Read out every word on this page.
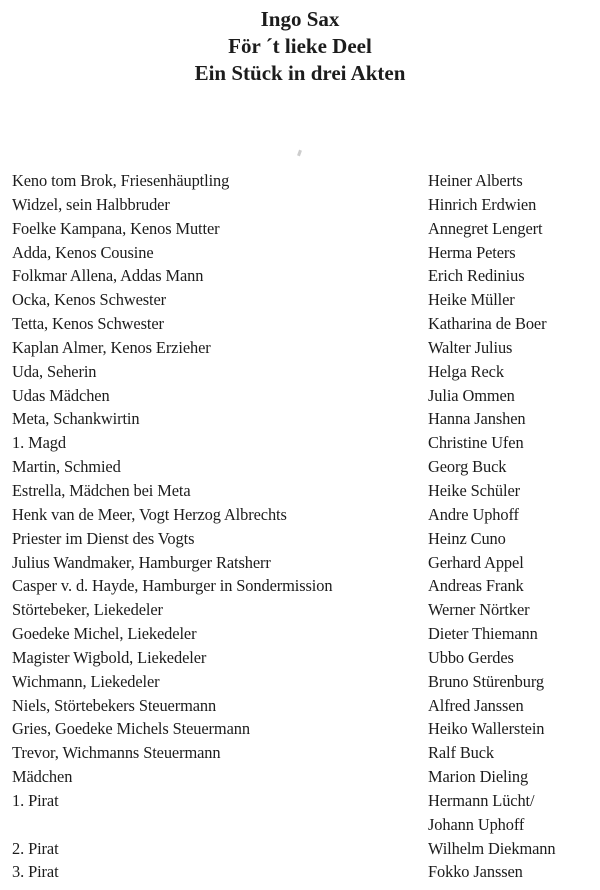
Ingo Sax
För ´t lieke Deel
Ein Stück in drei Akten
Keno tom Brok, Friesenhäuptling	Heiner Alberts
Widzel, sein Halbbruder	Hinrich Erdwien
Foelke Kampana, Kenos Mutter	Annegret Lengert
Adda, Kenos Cousine	Herma Peters
Folkmar Allena, Addas Mann	Erich Redinius
Ocka, Kenos Schwester	Heike Müller
Tetta, Kenos Schwester	Katharina de Boer
Kaplan Almer, Kenos Erzieher	Walter Julius
Uda, Seherin	Helga Reck
Udas Mädchen	Julia Ommen
Meta, Schankwirtin	Hanna Janshen
1. Magd	Christine Ufen
Martin, Schmied	Georg Buck
Estrella, Mädchen bei Meta	Heike Schüler
Henk van de Meer, Vogt Herzog Albrechts	Andre Uphoff
Priester im Dienst des Vogts	Heinz Cuno
Julius Wandmaker, Hamburger Ratsherr	Gerhard Appel
Casper v. d. Hayde, Hamburger in Sondermission	Andreas Frank
Störtebeker, Liekedeler	Werner Nörtker
Goedeke Michel, Liekedeler	Dieter Thiemann
Magister Wigbold, Liekedeler	Ubbo Gerdes
Wichmann, Liekedeler	Bruno Stürenburg
Niels, Störtebekers Steuermann	Alfred Janssen
Gries, Goedeke Michels Steuermann	Heiko Wallerstein
Trevor, Wichmanns Steuermann	Ralf Buck
Mädchen	Marion Dieling
1. Pirat	Hermann Lücht/
Johann Uphoff
2. Pirat	Wilhelm Diekmann
3. Pirat	Fokko Janssen
